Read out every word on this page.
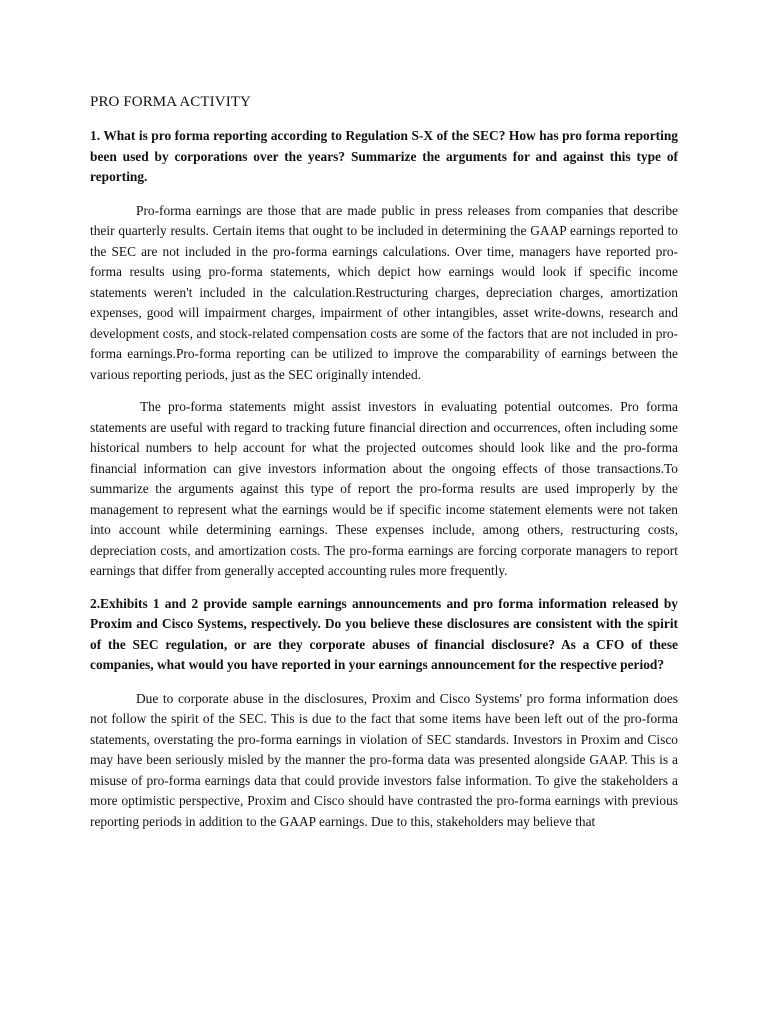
PRO FORMA ACTIVITY

1. What is pro forma reporting according to Regulation S-X of the SEC? How has pro forma reporting been used by corporations over the years? Summarize the arguments for and against this type of reporting.

Pro-forma earnings are those that are made public in press releases from companies that describe their quarterly results. Certain items that ought to be included in determining the GAAP earnings reported to the SEC are not included in the pro-forma earnings calculations. Over time, managers have reported pro-forma results using pro-forma statements, which depict how earnings would look if specific income statements weren't included in the calculation.Restructuring charges, depreciation charges, amortization expenses, good will impairment charges, impairment of other intangibles, asset write-downs, research and development costs, and stock-related compensation costs are some of the factors that are not included in pro-forma earnings.Pro-forma reporting can be utilized to improve the comparability of earnings between the various reporting periods, just as the SEC originally intended.

The pro-forma statements might assist investors in evaluating potential outcomes. Pro forma statements are useful with regard to tracking future financial direction and occurrences, often including some historical numbers to help account for what the projected outcomes should look like and the pro-forma financial information can give investors information about the ongoing effects of those transactions.To summarize the arguments against this type of report the pro-forma results are used improperly by the management to represent what the earnings would be if specific income statement elements were not taken into account while determining earnings. These expenses include, among others, restructuring costs, depreciation costs, and amortization costs. The pro-forma earnings are forcing corporate managers to report earnings that differ from generally accepted accounting rules more frequently.

2.Exhibits 1 and 2 provide sample earnings announcements and pro forma information released by Proxim and Cisco Systems, respectively. Do you believe these disclosures are consistent with the spirit of the SEC regulation, or are they corporate abuses of financial disclosure? As a CFO of these companies, what would you have reported in your earnings announcement for the respective period?

Due to corporate abuse in the disclosures, Proxim and Cisco Systems' pro forma information does not follow the spirit of the SEC. This is due to the fact that some items have been left out of the pro-forma statements, overstating the pro-forma earnings in violation of SEC standards. Investors in Proxim and Cisco may have been seriously misled by the manner the pro-forma data was presented alongside GAAP. This is a misuse of pro-forma earnings data that could provide investors false information. To give the stakeholders a more optimistic perspective, Proxim and Cisco should have contrasted the pro-forma earnings with previous reporting periods in addition to the GAAP earnings. Due to this, stakeholders may believe that
